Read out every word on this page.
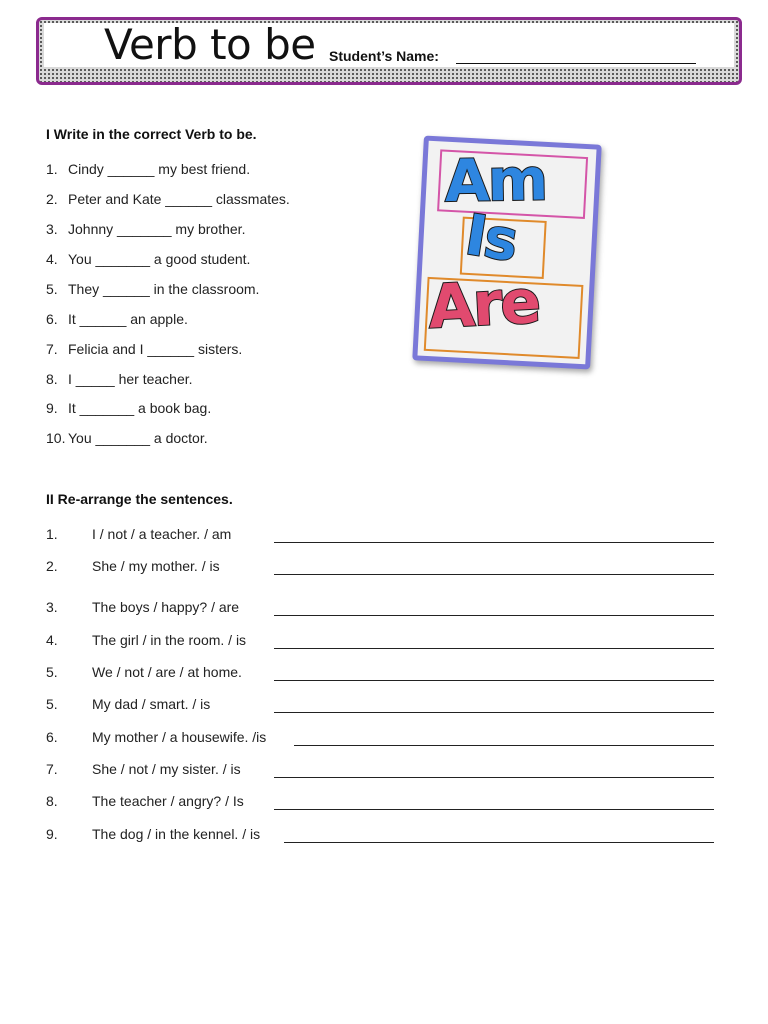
Verb to be Student’s Name:
Am
Is
Are
I Write in the correct Verb to be.
1. Cindy ______ my best friend.
2. Peter and Kate ______ classmates.
3. Johnny _______ my brother.
4. You _______ a good student.
5. They ______ in the classroom.
6. It ______ an apple.
7. Felicia and I ______ sisters.
8. I _____ her teacher.
9. It _______ a book bag.
10. You _______ a doctor.
II Re-arrange the sentences.
1. I / not / a teacher. / am
2. She / my mother. / is
3. The boys / happy? / are
4. The girl / in the room. / is
5. We / not / are / at home.
5. My dad / smart. / is
6. My mother / a housewife. /is
7. She / not / my sister. / is
8. The teacher / angry? / Is
9. The dog / in the kennel. / is
